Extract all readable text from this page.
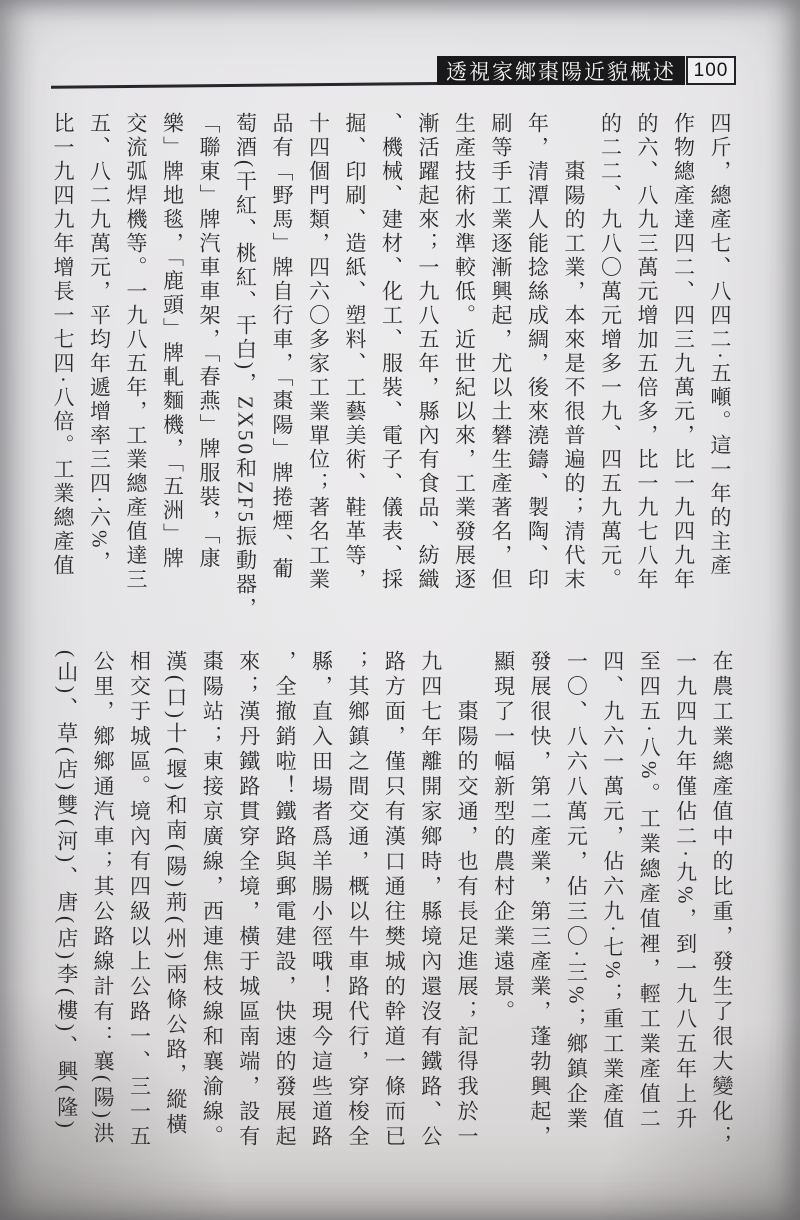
透視家鄉棗陽近貌概述 100
四斤，總產七、八四二·五噸。這一年的主產
作物總產達四二、四三九萬元，比一九四九年
的六、八九三萬元增加五倍多，比一九七八年
的二二、九八〇萬元增多一九、四五九萬元。
　　棗陽的工業，本來是不很普遍的；清代末
年，清潭人能捻絲成綢，後來澆鑄、製陶、印
刷等手工業逐漸興起，尤以土礬生產著名，但
生產技術水準較低。近世紀以來，工業發展逐
漸活躍起來；一九八五年，縣內有食品、紡織
、機械、建材、化工、服裝、電子、儀表、採
掘、印刷、造紙、塑料、工藝美術、鞋革等，
十四個門類，四六〇多家工業單位；著名工業
品有「野馬」牌自行車，「棗陽」牌捲煙、葡
萄酒(干紅、桃紅、干白)，ZX50和ZF5振動器，
「聯東」牌汽車車架，「春燕」牌服裝，「康
樂」牌地毯，「鹿頭」牌軋麵機，「五洲」牌
交流弧焊機等。一九八五年，工業總產值達三
五、八二九萬元，平均年遞增率三四·六%，
比一九四九年增長一七四·八倍。工業總產值
在農工業總產值中的比重，發生了很大變化；
一九四九年僅佔二·九%，到一九八五年上升
至四五·八%。工業總產值裡，輕工業產值二
四、九六一萬元，佔六九·七%；重工業產值
一〇、八六八萬元，佔三〇·三%；鄉鎮企業
發展很快，第二產業，第三產業，蓬勃興起，
顯現了一幅新型的農村企業遠景。
　　棗陽的交通，也有長足進展；記得我於一
九四七年離開家鄉時，縣境內還沒有鐵路、公
路方面，僅只有漢口通往樊城的幹道一條而已
；其鄉鎮之間交通，概以牛車路代行，穿梭全
縣，直入田場者爲羊腸小徑哦！現今這些道路
，全撤銷啦！鐵路與郵電建設，快速的發展起
來；漢丹鐵路貫穿全境，橫于城區南端，設有
棗陽站；東接京廣線，西連焦枝線和襄渝線。
漢(口)十(堰)和南(陽)荊(州)兩條公路，縱橫
相交于城區。境內有四級以上公路一、三一五
公里，鄉鄉通汽車；其公路線計有：襄(陽)洪
(山)、草(店)雙(河)、唐(店)李(樓)、興(隆)
